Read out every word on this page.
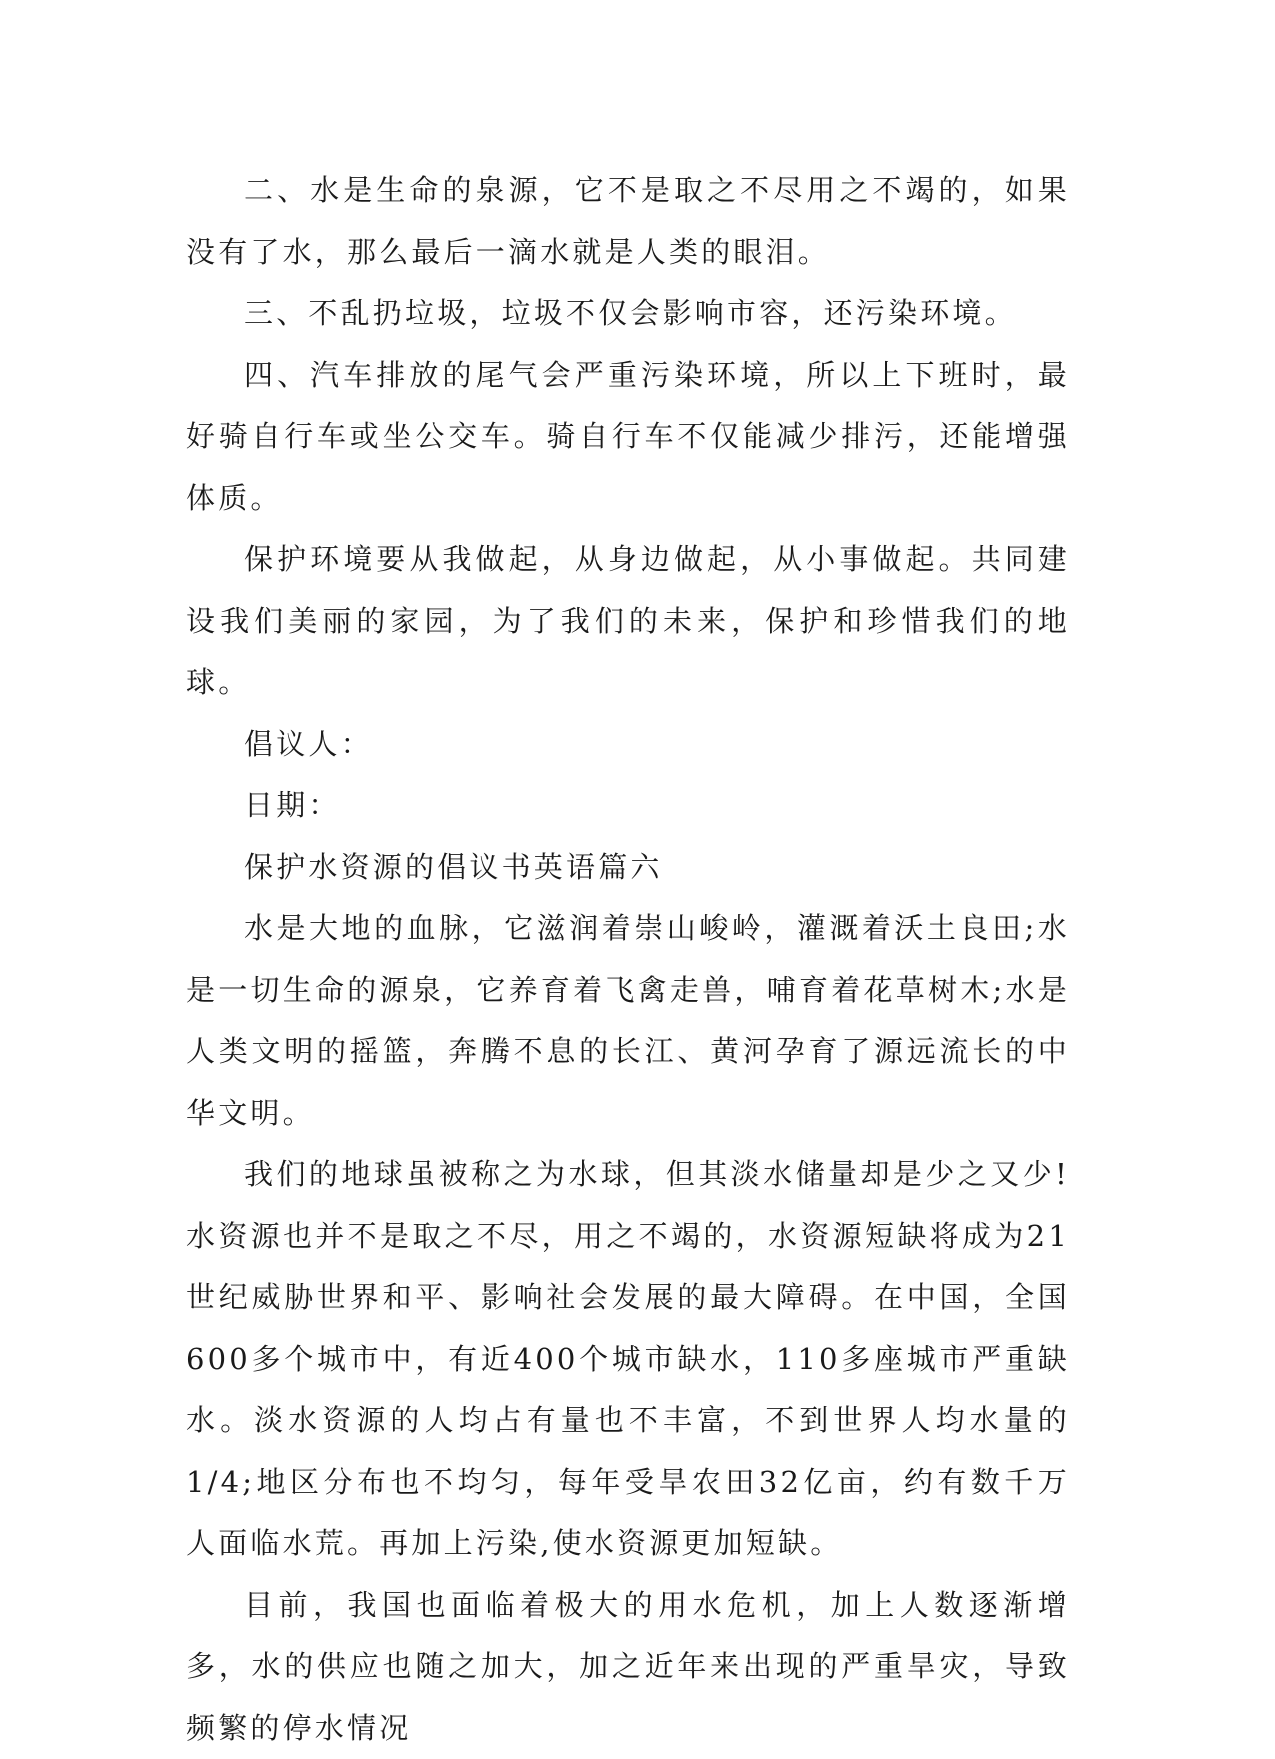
二、水是生命的泉源，它不是取之不尽用之不竭的，如果没有了水，那么最后一滴水就是人类的眼泪。

三、不乱扔垃圾，垃圾不仅会影响市容，还污染环境。

四、汽车排放的尾气会严重污染环境，所以上下班时，最好骑自行车或坐公交车。骑自行车不仅能减少排污，还能增强体质。

保护环境要从我做起，从身边做起，从小事做起。共同建设我们美丽的家园，为了我们的未来，保护和珍惜我们的地球。

倡议人：

日期：

保护水资源的倡议书英语篇六

水是大地的血脉，它滋润着崇山峻岭，灌溉着沃土良田;水是一切生命的源泉，它养育着飞禽走兽，哺育着花草树木;水是人类文明的摇篮，奔腾不息的长江、黄河孕育了源远流长的中华文明。

我们的地球虽被称之为水球，但其淡水储量却是少之又少!水资源也并不是取之不尽，用之不竭的，水资源短缺将成为21世纪威胁世界和平、影响社会发展的最大障碍。在中国，全国600多个城市中，有近400个城市缺水，110多座城市严重缺水。淡水资源的人均占有量也不丰富，不到世界人均水量的1/4;地区分布也不均匀，每年受旱农田32亿亩，约有数千万人面临水荒。再加上污染,使水资源更加短缺。

目前，我国也面临着极大的用水危机，加上人数逐渐增多，水的供应也随之加大，加之近年来出现的严重旱灾，导致频繁的停水情况
